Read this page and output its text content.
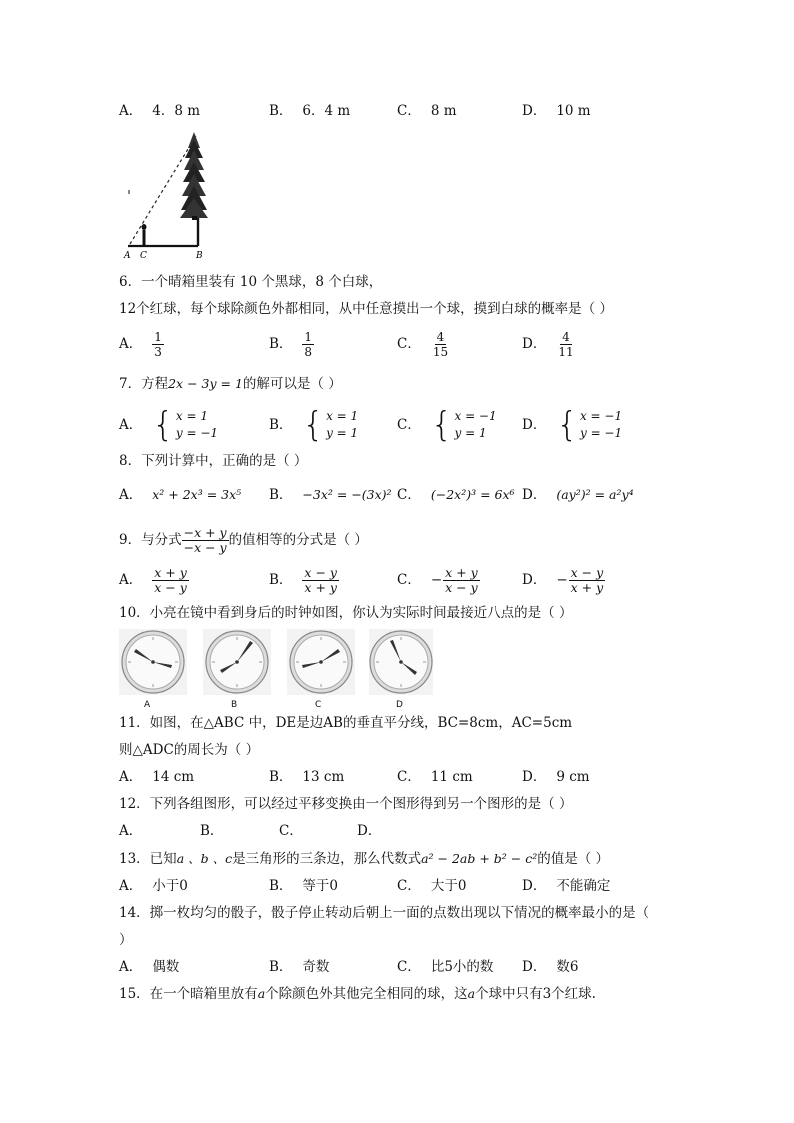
A． 4．8 m	B． 6．4 m	C． 8 m	D． 10 m
A C	B
6．一个晴箱里装有 10 个黑球，8 个白球，
12个红球，每个球除颜色外都相同，从中任意摸出一个球，摸到白球的概率是（ ）
A． $\frac{1}{3}$	B． $\frac{1}{8}$	C． $\frac{4}{15}$	D． $\frac{4}{11}$
7．方程2x − 3y = 1的解可以是（ ）
A． { x = 1
y = −1
B． { x = 1
y = 1
C． { x = −1
y = 1
D． { x = −1
y = −1
8．下列计算中，正确的是（ ）
A． x² + 2x³ = 3x⁵ B． −3x² = −(3x)² C． (−2x²)³ = 6x⁶ D． (ay²)² = a²y⁴
9．与分式 $\frac{-x + y}{-x - y}$ 的值相等的分式是（ ）
A． $\frac{x + y}{x - y}$	B． $\frac{x - y}{x + y}$	C． − $\frac{x + y}{x - y}$	D． − $\frac{x - y}{x + y}$
10．小亮在镜中看到身后的时钟如图，你认为实际时间最接近八点的是（ ）
A	B	C	D
11．如图，在△ABC 中，DE是边AB的垂直平分线，BC=8cm，AC=5cm
则△ADC的周长为（ ）
A． 14 cm	B． 13 cm	C． 11 cm	D． 9 cm
12．下列各组图形，可以经过平移变换由一个图形得到另一个图形的是（ ）
A．	B．	C．	D．
13．已知a 、b 、c是三角形的三条边，那么代数式a² − 2ab + b² − c²的值是（ ）
A． 小于0	B． 等于0	C． 大于0	D． 不能确定
14．掷一枚均匀的骰子，骰子停止转动后朝上一面的点数出现以下情况的概率最小的是（
）
A． 偶数	B． 奇数	C． 比5小的数 D． 数6
15．在一个暗箱里放有a个除颜色外其他完全相同的球，这a个球中只有3个红球.
